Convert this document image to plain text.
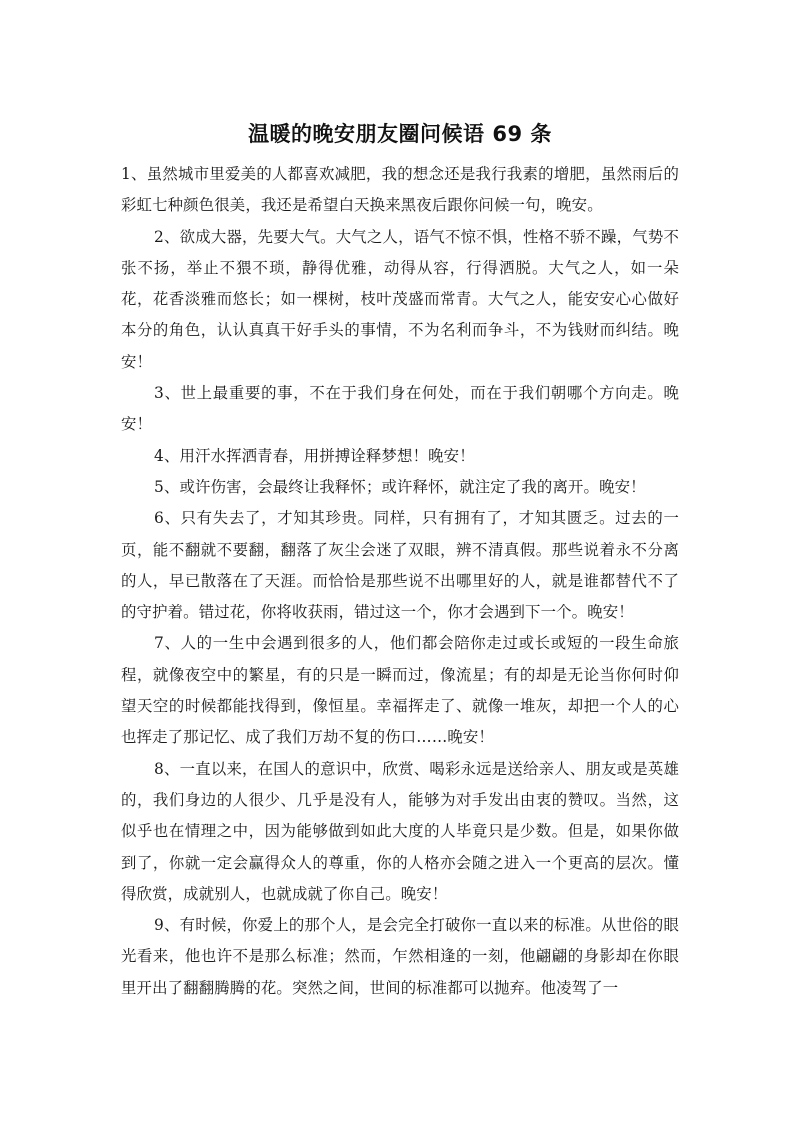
温暖的晚安朋友圈问候语 69 条

1、虽然城市里爱美的人都喜欢减肥，我的想念还是我行我素的增肥，虽然雨后的彩虹七种颜色很美，我还是希望白天换来黑夜后跟你问候一句，晚安。

2、欲成大器，先要大气。大气之人，语气不惊不惧，性格不骄不躁，气势不张不扬，举止不猥不琐，静得优雅，动得从容，行得洒脱。大气之人，如一朵花，花香淡雅而悠长；如一棵树，枝叶茂盛而常青。大气之人，能安安心心做好本分的角色，认认真真干好手头的事情，不为名利而争斗，不为钱财而纠结。晚安！

3、世上最重要的事，不在于我们身在何处，而在于我们朝哪个方向走。晚安！

4、用汗水挥洒青春，用拼搏诠释梦想！晚安！

5、或许伤害，会最终让我释怀；或许释怀，就注定了我的离开。晚安！

6、只有失去了，才知其珍贵。同样，只有拥有了，才知其匮乏。过去的一页，能不翻就不要翻，翻落了灰尘会迷了双眼，辨不清真假。那些说着永不分离的人，早已散落在了天涯。而恰恰是那些说不出哪里好的人，就是谁都替代不了的守护着。错过花，你将收获雨，错过这一个，你才会遇到下一个。晚安！

7、人的一生中会遇到很多的人，他们都会陪你走过或长或短的一段生命旅程，就像夜空中的繁星，有的只是一瞬而过，像流星；有的却是无论当你何时仰望天空的时候都能找得到，像恒星。幸福挥走了、就像一堆灰，却把一个人的心也挥走了那记忆、成了我们万劫不复的伤口……晚安！

8、一直以来，在国人的意识中，欣赏、喝彩永远是送给亲人、朋友或是英雄的，我们身边的人很少、几乎是没有人，能够为对手发出由衷的赞叹。当然，这似乎也在情理之中，因为能够做到如此大度的人毕竟只是少数。但是，如果你做到了，你就一定会赢得众人的尊重，你的人格亦会随之进入一个更高的层次。懂得欣赏，成就别人，也就成就了你自己。晚安！

9、有时候，你爱上的那个人，是会完全打破你一直以来的标准。从世俗的眼光看来，他也许不是那么标准；然而，乍然相逢的一刻，他翩翩的身影却在你眼里开出了翻翻腾腾的花。突然之间，世间的标准都可以抛弃。他凌驾了一
